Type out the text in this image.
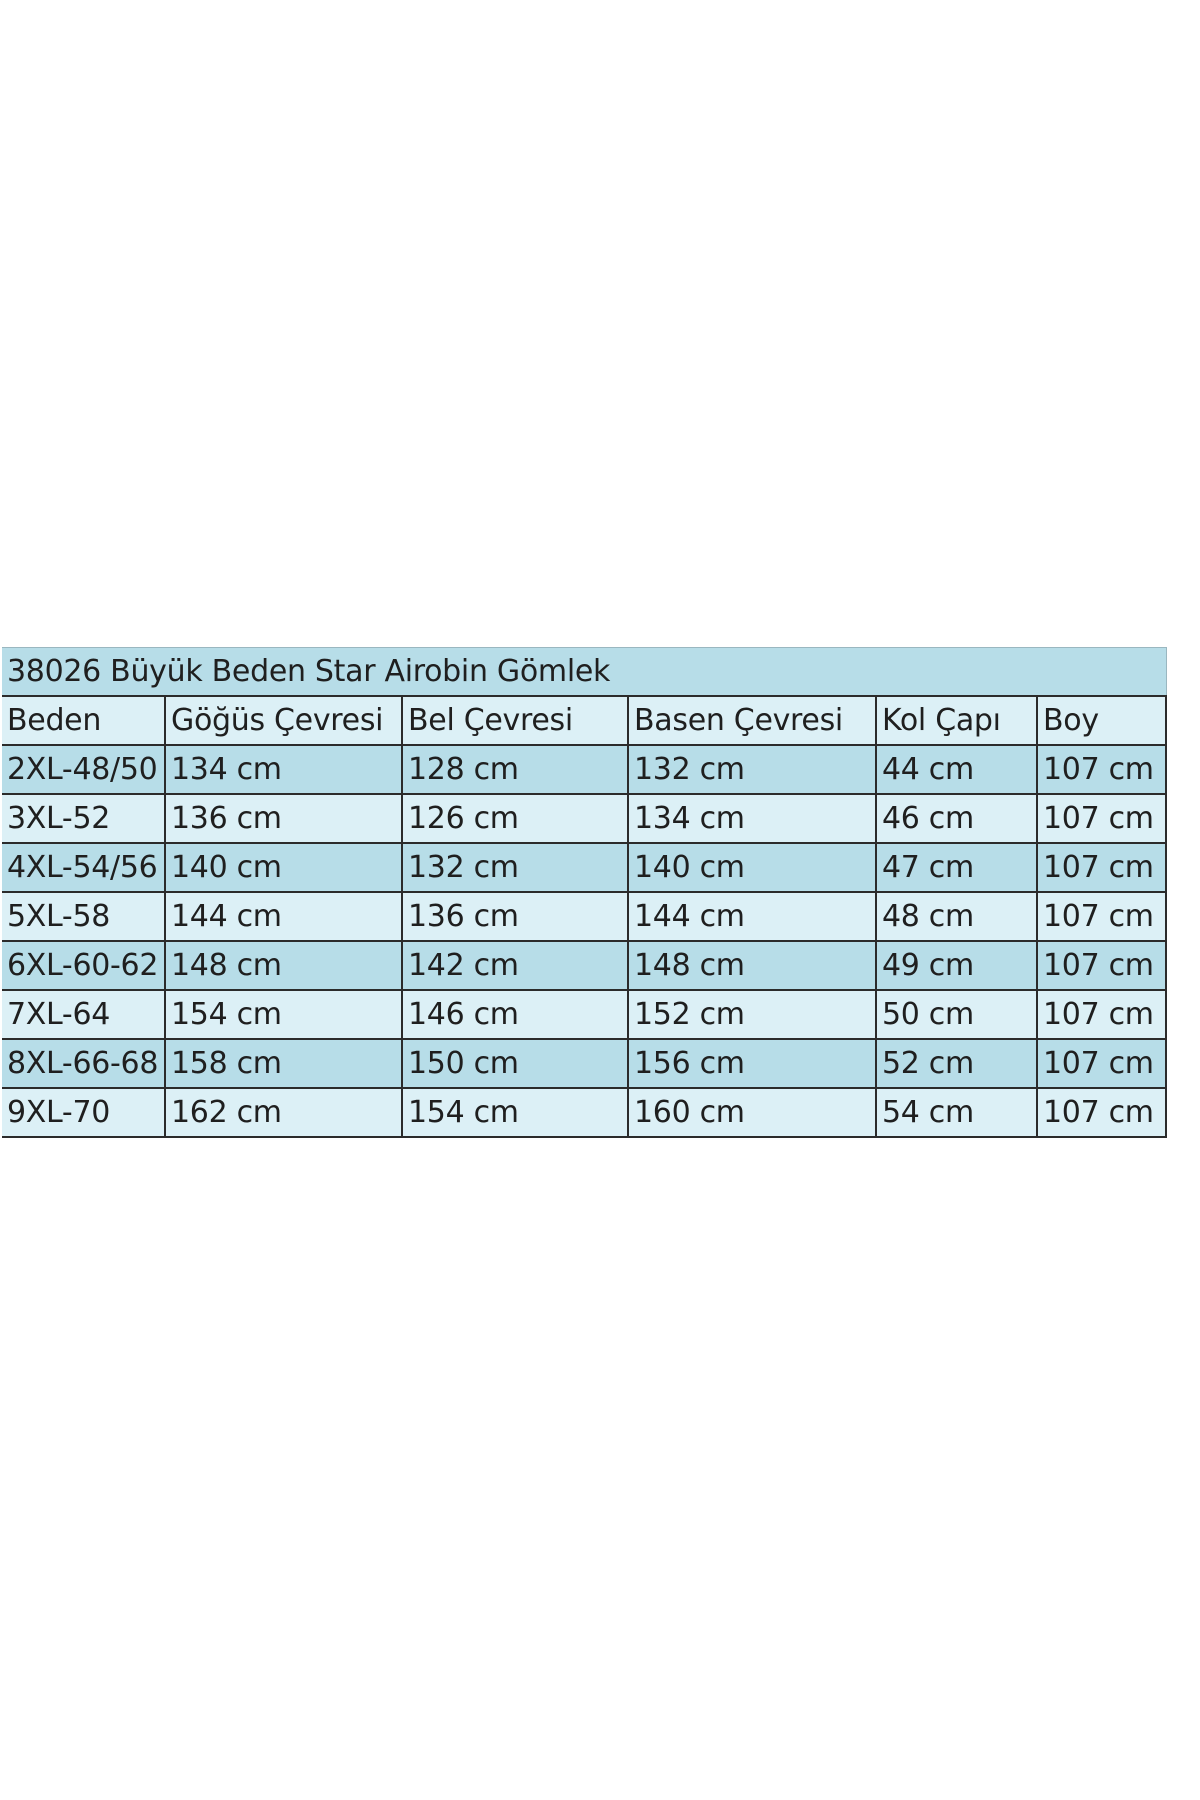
38026 Büyük Beden Star Airobin Gömlek					
Beden	Göğüs Çevresi	Bel Çevresi	Basen Çevresi	Kol Çapı	Boy
2XL-48/50	134 cm	128 cm	132 cm	44 cm	107 cm
3XL-52	136 cm	126 cm	134 cm	46 cm	107 cm
4XL-54/56	140 cm	132 cm	140 cm	47 cm	107 cm
5XL-58	144 cm	136 cm	144 cm	48 cm	107 cm
6XL-60-62	148 cm	142 cm	148 cm	49 cm	107 cm
7XL-64	154 cm	146 cm	152 cm	50 cm	107 cm
8XL-66-68	158 cm	150 cm	156 cm	52 cm	107 cm
9XL-70	162 cm	154 cm	160 cm	54 cm	107 cm
